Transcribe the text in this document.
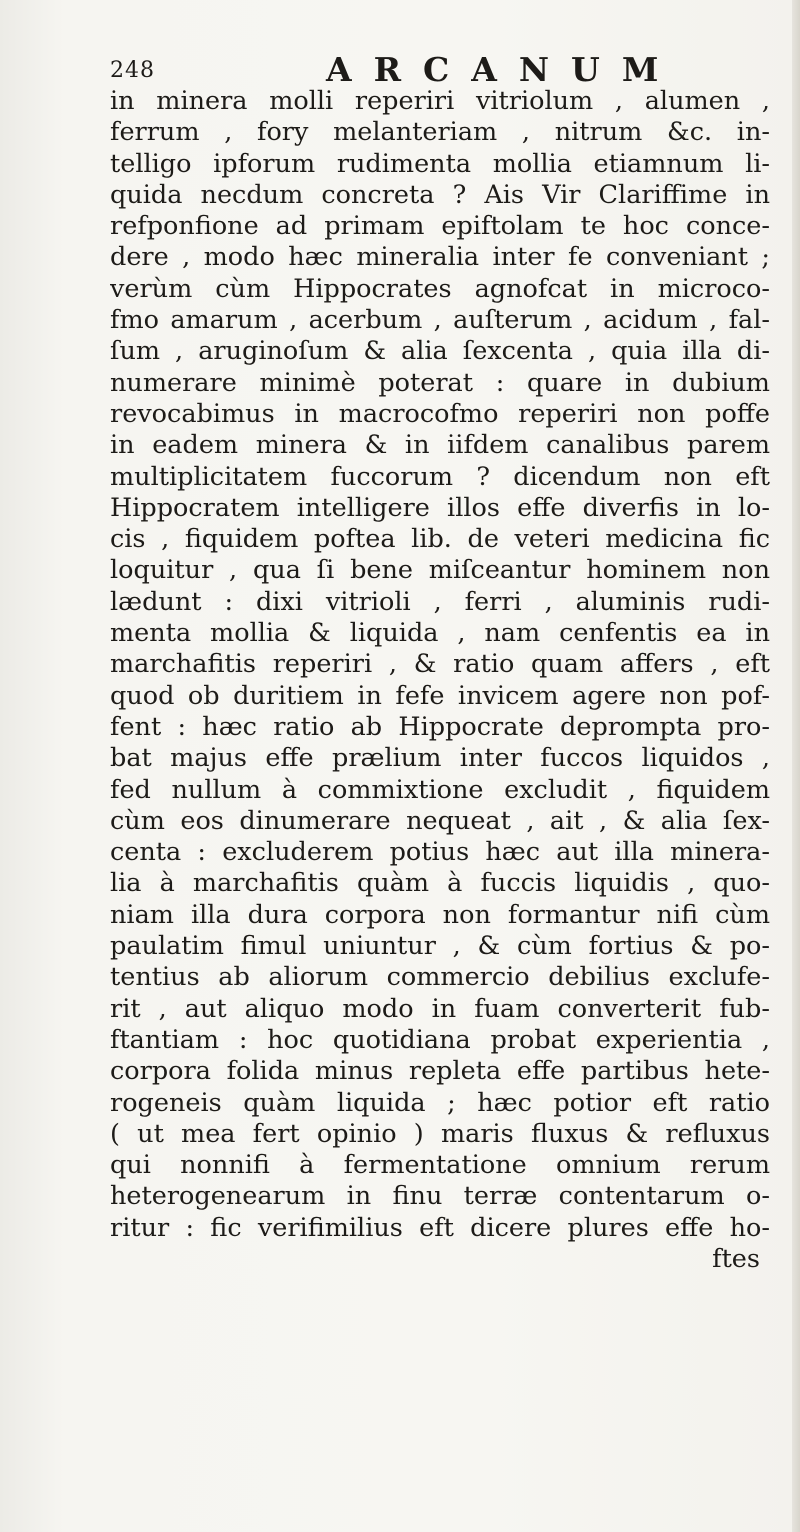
248	ARCANUM
in minera molli reperiri vitriolum , alumen ,
ferrum , fory melanteriam , nitrum &c. in-
telligo ipforum rudimenta mollia etiamnum li-
quida necdum concreta ? Ais Vir Clariffime in
refponfione ad primam epiftolam te hoc conce-
dere , modo hæc mineralia inter fe conveniant ;
verùm cùm Hippocrates agnofcat in microco-
fmo amarum , acerbum , auſterum , acidum , fal-
ſum , aruginoſum & alia ſexcenta , quia illa di-
numerare minimè poterat : quare in dubium
revocabimus in macrocofmo reperiri non poffe
in eadem minera & in iifdem canalibus parem
multiplicitatem fuccorum ? dicendum non eft
Hippocratem intelligere illos effe diverfis in lo-
cis , fiquidem poftea lib. de veteri medicina fic
loquitur , qua ſi bene miſceantur hominem non
lædunt : dixi vitrioli , ferri , aluminis rudi-
menta mollia & liquida , nam cenfentis ea in
marchafitis reperiri , & ratio quam affers , eft
quod ob duritiem in fefe invicem agere non pof-
fent : hæc ratio ab Hippocrate deprompta pro-
bat majus effe prælium inter fuccos liquidos ,
fed nullum à commixtione excludit , fiquidem
cùm eos dinumerare nequeat , ait , & alia ſex-
centa : excluderem potius hæc aut illa minera-
lia à marchafitis quàm à fuccis liquidis , quo-
niam illa dura corpora non formantur nifi cùm
paulatim fimul uniuntur , & cùm fortius & po-
tentius ab aliorum commercio debilius exclufe-
rit , aut aliquo modo in fuam converterit fub-
ftantiam : hoc quotidiana probat experientia ,
corpora folida minus repleta effe partibus hete-
rogeneis quàm liquida ; hæc potior eft ratio
( ut mea fert opinio ) maris fluxus & refluxus
qui nonnifi à fermentatione omnium rerum
heterogenearum in finu terræ contentarum o-
ritur : fic verifimilius eft dicere plures effe ho-
ftes
